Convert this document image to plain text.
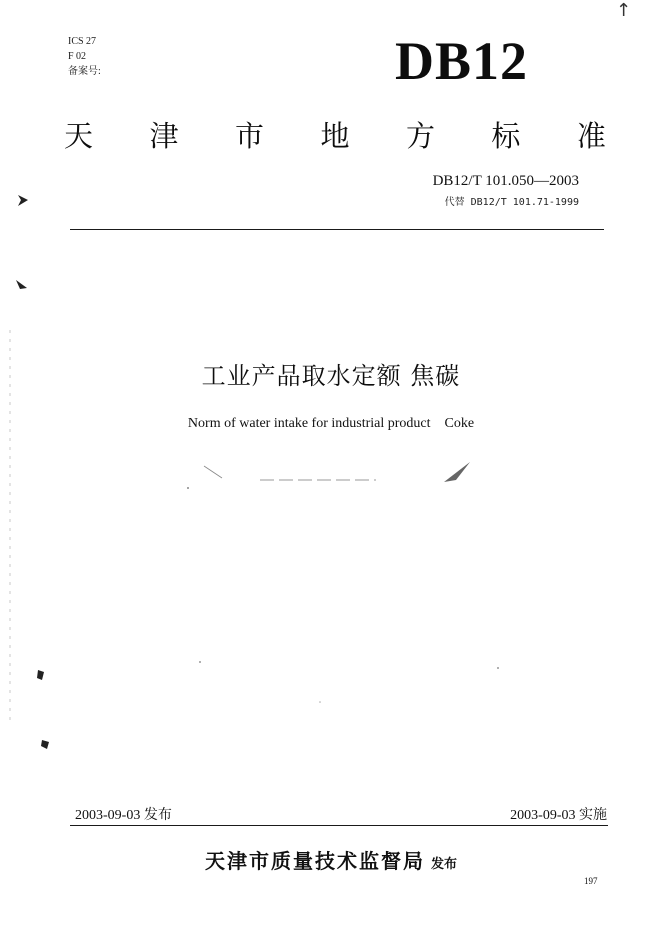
ICS 27
F 02
备案号:
↑
DB12
天 津 市 地 方 标 准
DB12/T 101.050—2003
代替 DB12/T 101.71-1999
工业产品取水定额 焦碳
Norm of water intake for industrial product    Coke
2003-09-03 发布	2003-09-03 实施
天津市质量技术监督局 发布
197
